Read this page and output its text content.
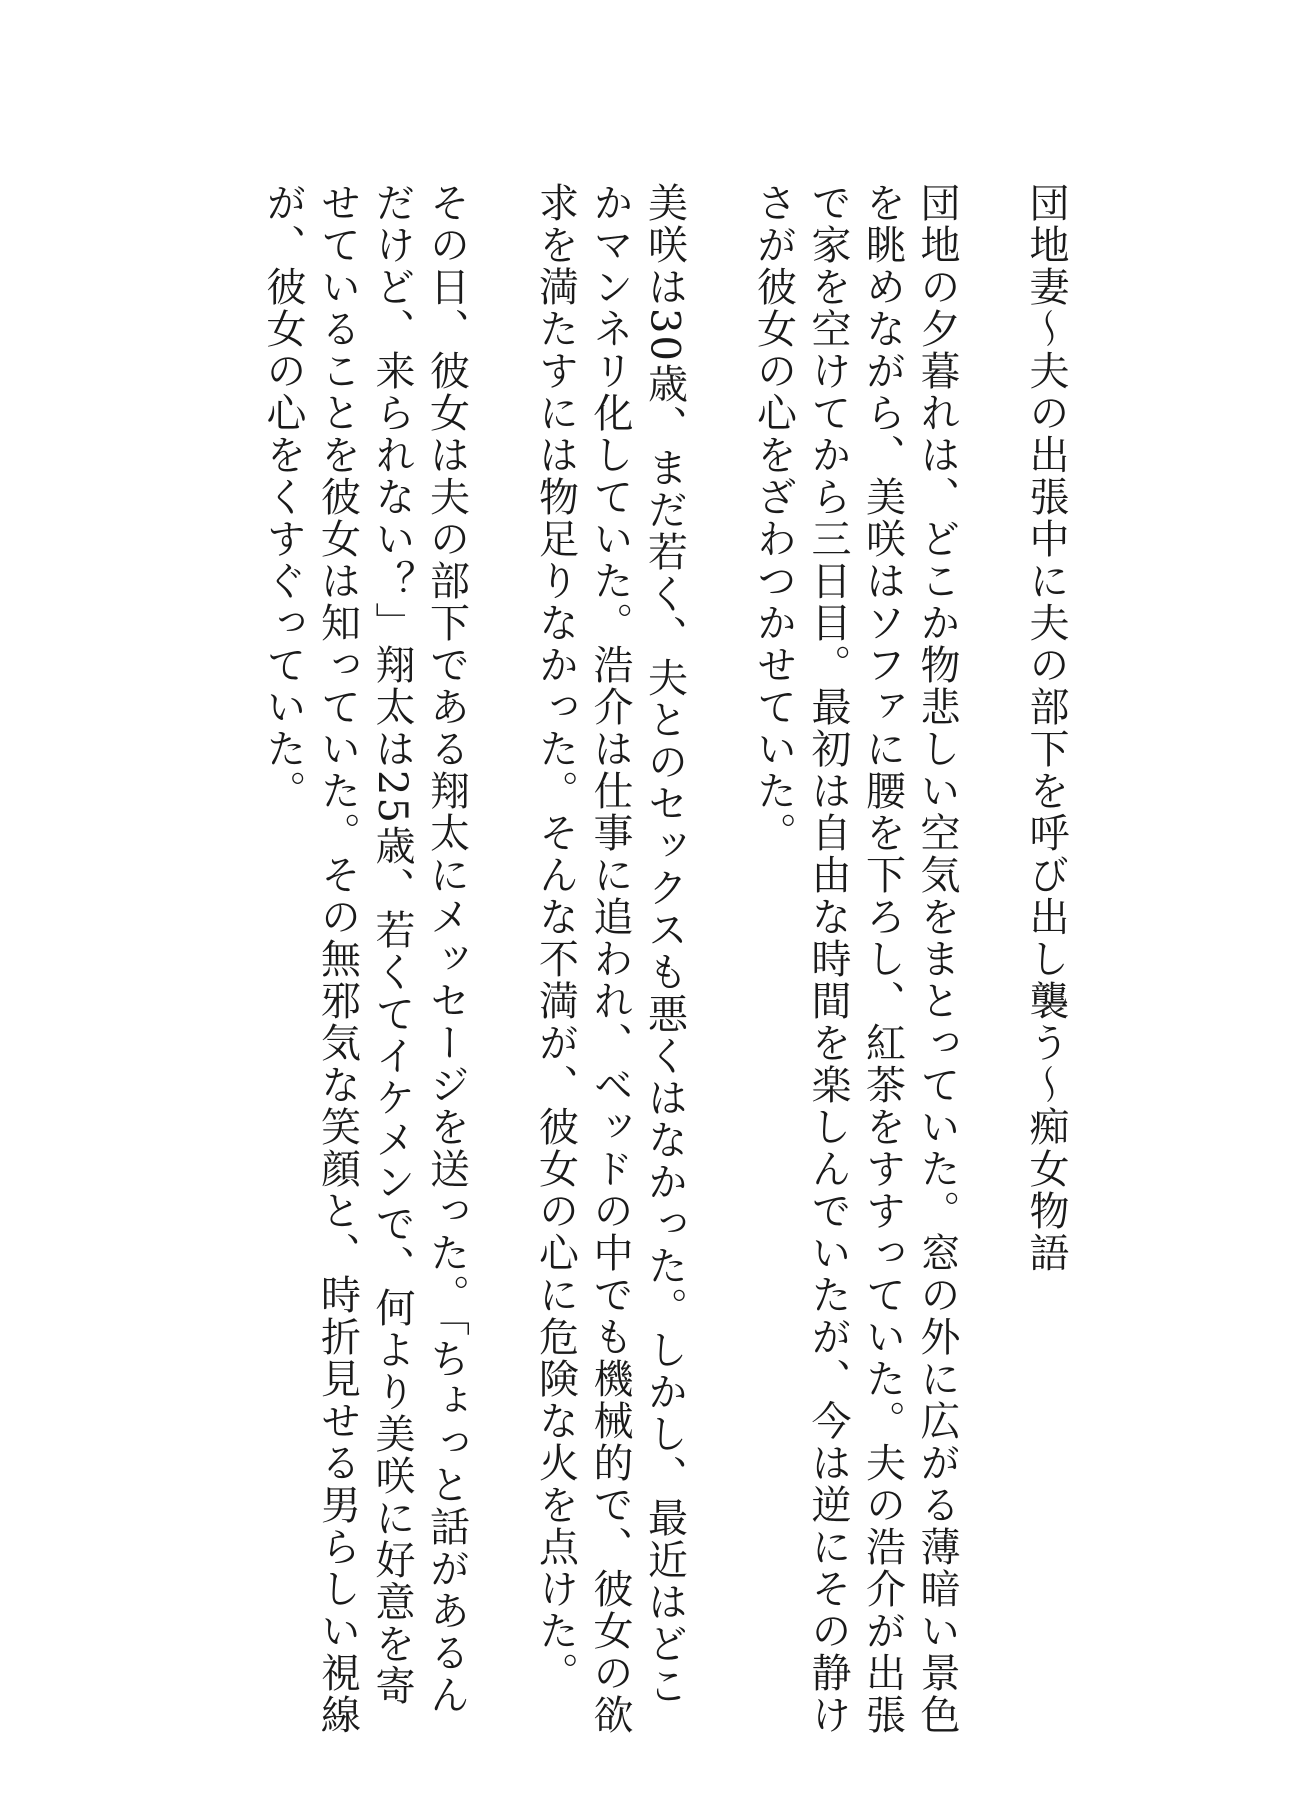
団地妻〜夫の出張中に夫の部下を呼び出し襲う〜痴女物語

団地の夕暮れは、どこか物悲しい空気をまとっていた。窓の外に広がる薄暗い景色を眺めながら、美咲はソファに腰を下ろし、紅茶をすすっていた。夫の浩介が出張で家を空けてから三日目。最初は自由な時間を楽しんでいたが、今は逆にその静けさが彼女の心をざわつかせていた。

美咲は30歳、まだ若く、夫とのセックスも悪くはなかった。しかし、最近はどこかマンネリ化していた。浩介は仕事に追われ、ベッドの中でも機械的で、彼女の欲求を満たすには物足りなかった。そんな不満が、彼女の心に危険な火を点けた。

その日、彼女は夫の部下である翔太にメッセージを送った。「ちょっと話があるんだけど、来られない？」翔太は25歳、若くてイケメンで、何より美咲に好意を寄せていることを彼女は知っていた。その無邪気な笑顔と、時折見せる男らしい視線が、彼女の心をくすぐっていた。
